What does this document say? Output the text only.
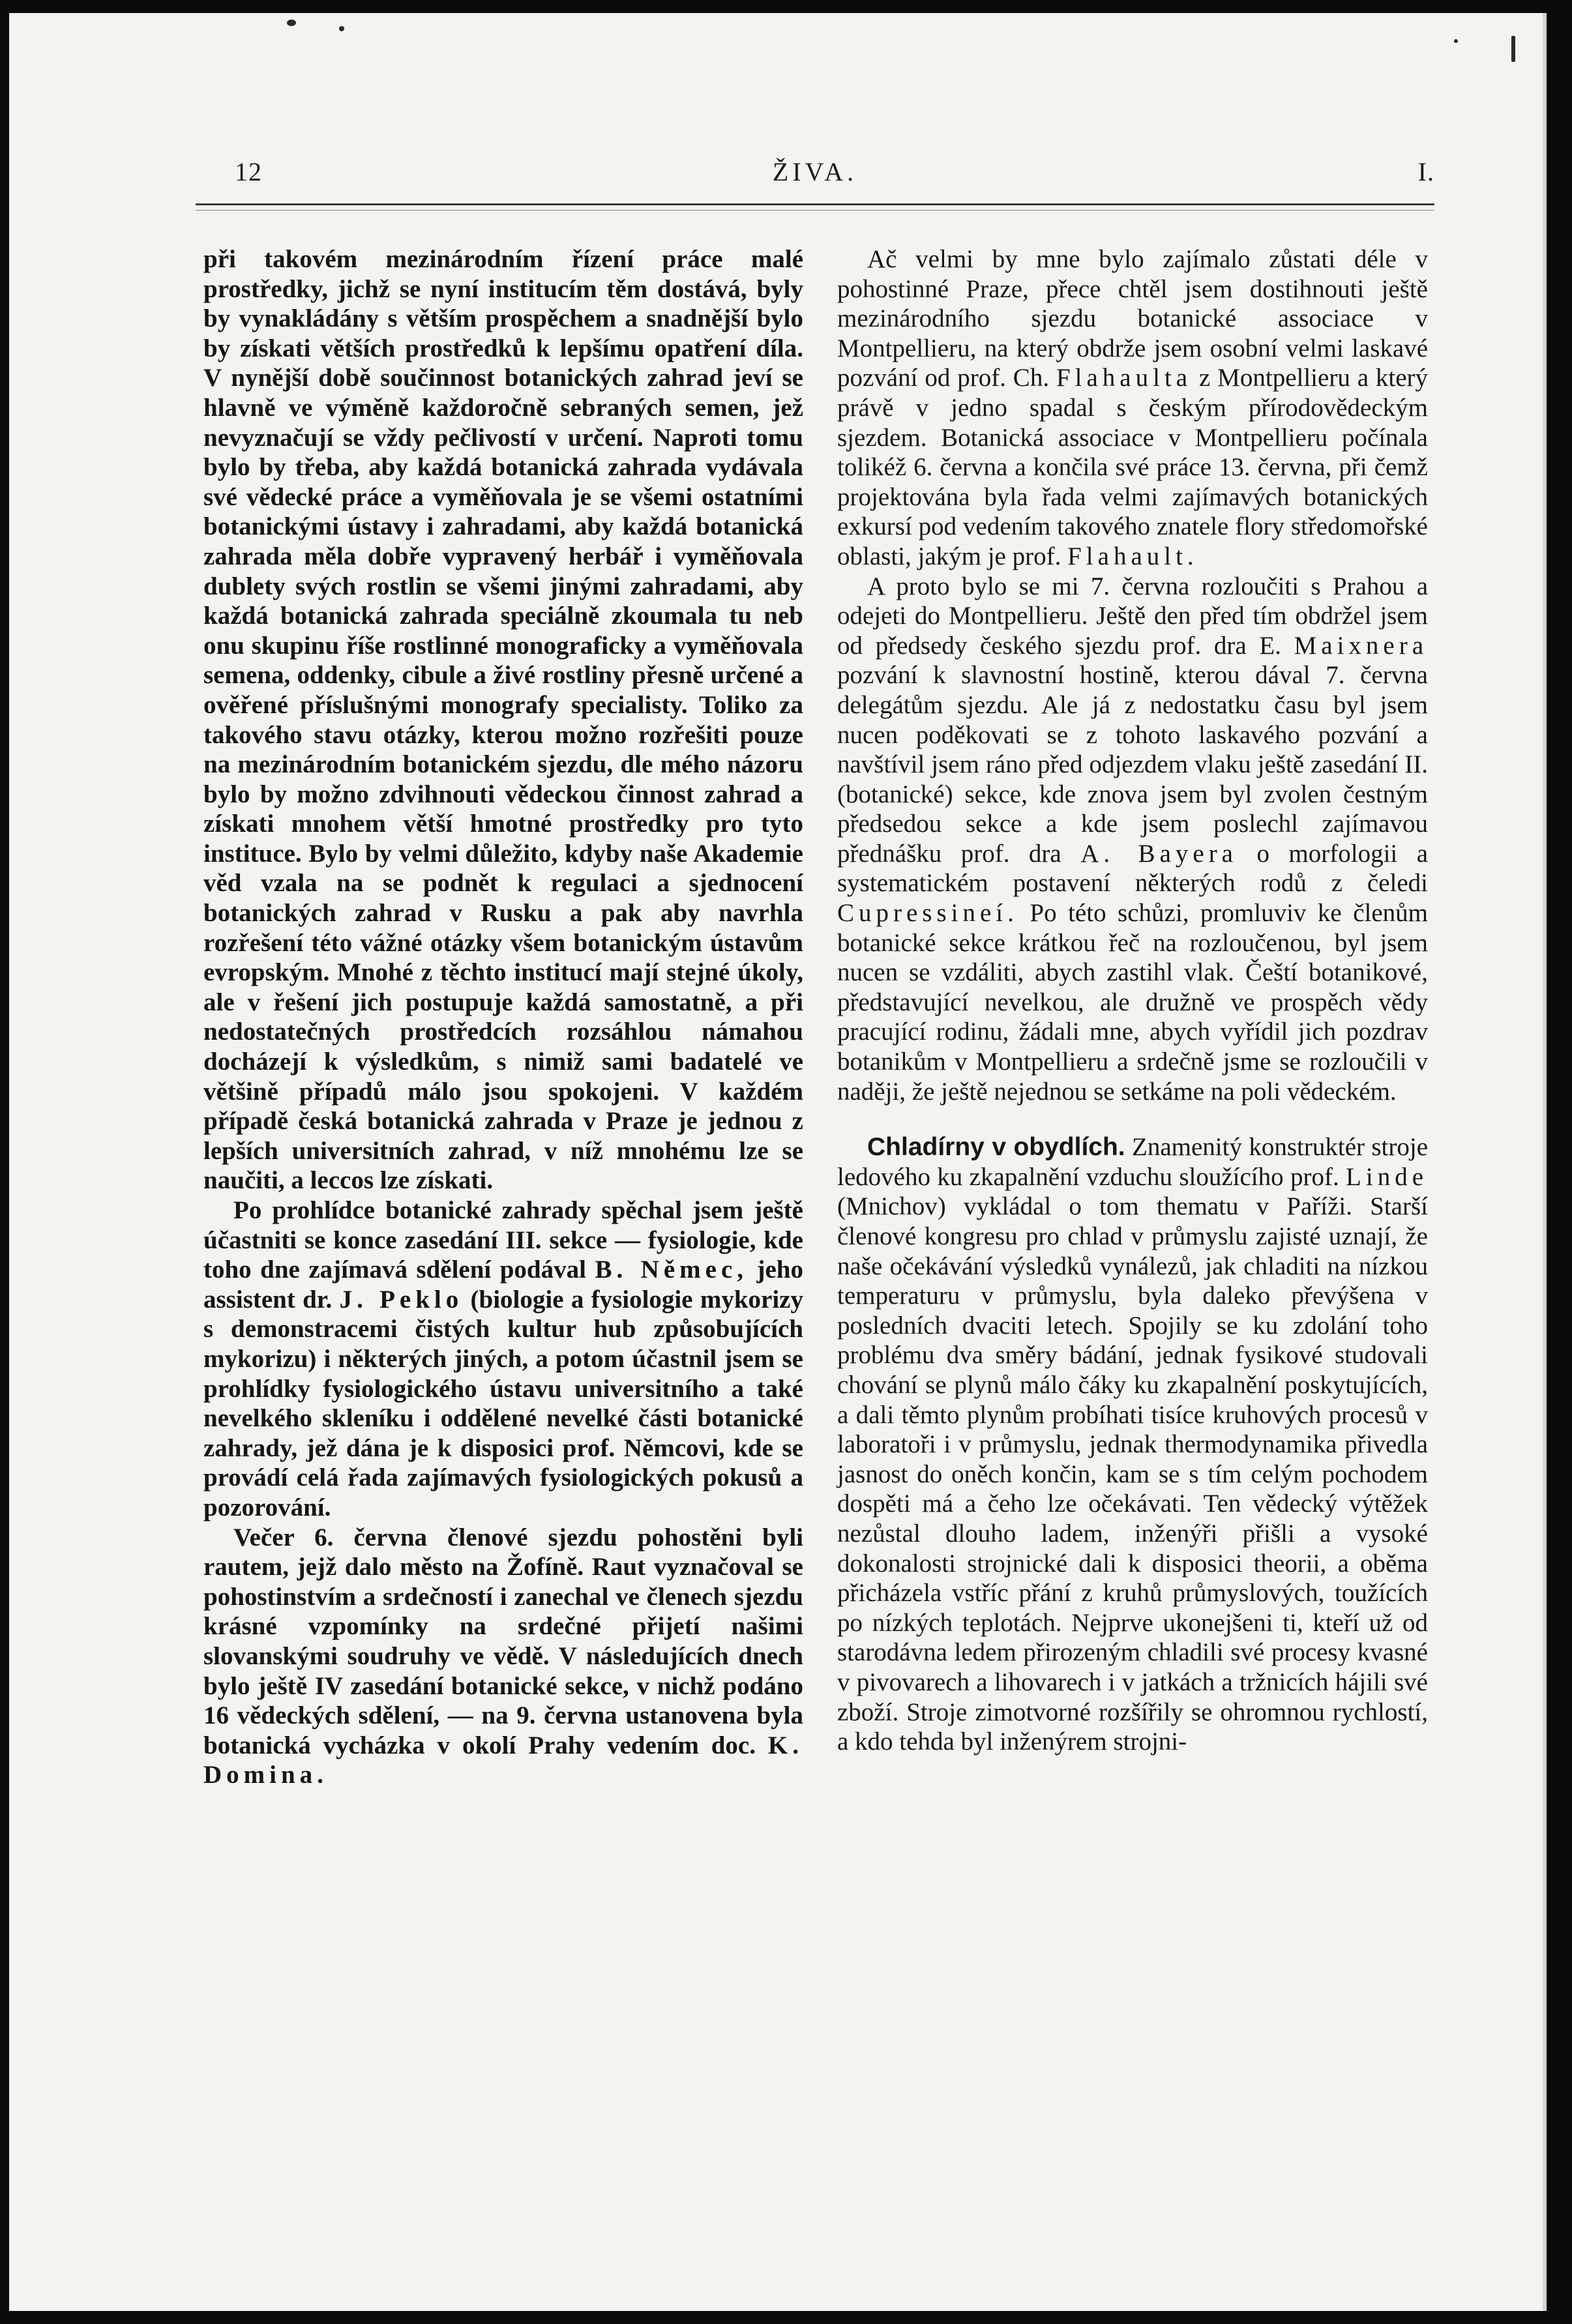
12	ŽIVA.	I.

při takovém mezinárodním řízení práce malé prostředky, jichž se nyní institucím těm dostává, byly by vynakládány s větším prospěchem a snadnější bylo by získati větších prostředků k lepšímu opatření díla. V nynější době součinnost botanických zahrad jeví se hlavně ve výměně každoročně sebraných semen, jež nevyznačují se vždy pečlivostí v určení. Naproti tomu bylo by třeba, aby každá botanická zahrada vydávala své vědecké práce a vyměňovala je se všemi ostatními botanickými ústavy i zahradami, aby každá botanická zahrada měla dobře vypravený herbář i vyměňovala dublety svých rostlin se všemi jinými zahradami, aby každá botanická zahrada speciálně zkoumala tu neb onu skupinu říše rostlinné monograficky a vyměňovala semena, oddenky, cibule a živé rostliny přesně určené a ověřené příslušnými monografy specialisty. Toliko za takového stavu otázky, kterou možno rozřešiti pouze na mezinárodním botanickém sjezdu, dle mého názoru bylo by možno zdvihnouti vědeckou činnost zahrad a získati mnohem větší hmotné prostředky pro tyto instituce. Bylo by velmi důležito, kdyby naše Akademie věd vzala na se podnět k regulaci a sjednocení botanických zahrad v Rusku a pak aby navrhla rozřešení této vážné otázky všem botanickým ústavům evropským. Mnohé z těchto institucí mají stejné úkoly, ale v řešení jich postupuje každá samostatně, a při nedostatečných prostředcích rozsáhlou námahou docházejí k výsledkům, s nimiž sami badatelé ve většině případů málo jsou spokojeni. V každém případě česká botanická zahrada v Praze je jednou z lepších universitních zahrad, v níž mnohému lze se naučiti, a leccos lze získati.

Po prohlídce botanické zahrady spěchal jsem ještě účastniti se konce zasedání III. sekce — fysiologie, kde toho dne zajímavá sdělení podával B. Němec, jeho assistent dr. J. Peklo (biologie a fysiologie mykorizy s demonstracemi čistých kultur hub způsobujících mykorizu) i některých jiných, a potom účastnil jsem se prohlídky fysiologického ústavu universitního a také nevelkého skleníku i oddělené nevelké části botanické zahrady, jež dána je k disposici prof. Němcovi, kde se provádí celá řada zajímavých fysiologických pokusů a pozorování.

Večer 6. června členové sjezdu pohostěni byli rautem, jejž dalo město na Žofíně. Raut vyznačoval se pohostinstvím a srdečností i zanechal ve členech sjezdu krásné vzpomínky na srdečné přijetí našimi slovanskými soudruhy ve vědě. V následujících dnech bylo ještě IV zasedání botanické sekce, v nichž podáno 16 vědeckých sdělení, — na 9. června ustanovena byla botanická vycházka v okolí Prahy vedením doc. K. Domina.

Ač velmi by mne bylo zajímalo zůstati déle v pohostinné Praze, přece chtěl jsem dostihnouti ještě mezinárodního sjezdu botanické associace v Montpellieru, na který obdrže jsem osobní velmi laskavé pozvání od prof. Ch. Flahaulta z Montpellieru a který právě v jedno spadal s českým přírodovědeckým sjezdem. Botanická associace v Montpellieru počínala tolikéž 6. června a končila své práce 13. června, při čemž projektována byla řada velmi zajímavých botanických exkursí pod vedením takového znatele flory středomořské oblasti, jakým je prof. Flahault.

A proto bylo se mi 7. června rozloučiti s Prahou a odejeti do Montpellieru. Ještě den před tím obdržel jsem od předsedy českého sjezdu prof. dra E. Maixnera pozvání k slavnostní hostině, kterou dával 7. června delegátům sjezdu. Ale já z nedostatku času byl jsem nucen poděkovati se z tohoto laskavého pozvání a navštívil jsem ráno před odjezdem vlaku ještě zasedání II. (botanické) sekce, kde znova jsem byl zvolen čestným předsedou sekce a kde jsem poslechl zajímavou přednášku prof. dra A. Bayera o morfologii a systematickém postavení některých rodů z čeledi Cupressineí. Po této schůzi, promluviv ke členům botanické sekce krátkou řeč na rozloučenou, byl jsem nucen se vzdáliti, abych zastihl vlak. Čeští botanikové, představující nevelkou, ale družně ve prospěch vědy pracující rodinu, žádali mne, abych vyřídil jich pozdrav botanikům v Montpellieru a srdečně jsme se rozloučili v naději, že ještě nejednou se setkáme na poli vědeckém.

Chladírny v obydlích. Znamenitý konstruktér stroje ledového ku zkapalnění vzduchu sloužícího prof. Linde (Mnichov) vykládal o tom thematu v Paříži. Starší členové kongresu pro chlad v průmyslu zajisté uznají, že naše očekávání výsledků vynálezů, jak chladiti na nízkou temperaturu v průmyslu, byla daleko převýšena v posledních dvaciti letech. Spojily se ku zdolání toho problému dva směry bádání, jednak fysikové studovali chování se plynů málo čáky ku zkapalnění poskytujících, a dali těmto plynům probíhati tisíce kruhových procesů v laboratoři i v průmyslu, jednak thermodynamika přivedla jasnost do oněch končin, kam se s tím celým pochodem dospěti má a čeho lze očekávati. Ten vědecký výtěžek nezůstal dlouho ladem, inženýři přišli a vysoké dokonalosti strojnické dali k disposici theorii, a oběma přicházela vstříc přání z kruhů průmyslových, toužících po nízkých teplotách. Nejprve ukonejšeni ti, kteří už od starodávna ledem přirozeným chladili své procesy kvasné v pivovarech a lihovarech i v jatkách a tržnicích hájili své zboží. Stroje zimotvorné rozšířily se ohromnou rychlostí, a kdo tehda byl inženýrem strojni-
